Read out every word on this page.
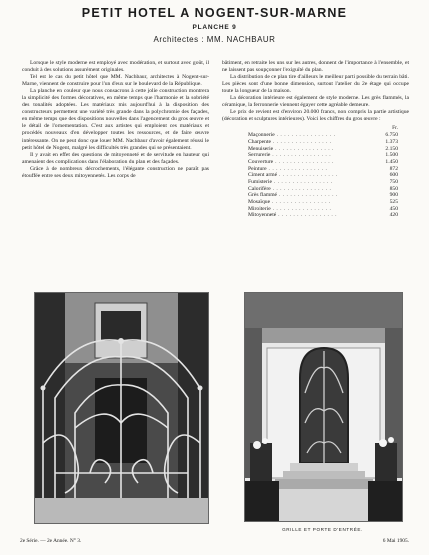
PETIT HOTEL A NOGENT-SUR-MARNE
PLANCHE 9
Architectes : MM. NACHBAUR

Lorsque le style moderne est employé avec modération, et surtout avec goût, il conduit à des solutions assurément originales.

Tel est le cas du petit hôtel que MM. Nachbaur, architectes à Nogent-sur-Marne, viennent de construire pour l'un d'eux sur le boulevard de la République.

La planche en couleur que nous consacrons à cette jolie construction montrera la simplicité des formes décoratives, en même temps que l'harmonie et la sobriété des tonalités adoptées. Les matériaux mis aujourd'hui à la disposition des constructeurs permettent une variété très grande dans la polychromie des façades, en même temps que des dispositions nouvelles dans l'agencement du gros œuvre et le détail de l'ornementation. C'est aux artistes qui emploient ces matériaux et procédés nouveaux d'en développer toutes les ressources, et de faire œuvre intéressante. On ne peut donc que louer MM. Nachbaur d'avoir également réussi le petit hôtel de Nogent, malgré les difficultés très grandes qui se présentaient.

Il y avait en effet des questions de mitoyenneté et de servitude en hauteur qui amenaient des complications dans l'élaboration du plan et des façades.

Grâce à de nombreux décrochements, l'élégante construction ne paraît pas étouffée entre ses deux mitoyennetés. Les corps de

bâtiment, en retraite les uns sur les autres, donnent de l'importance à l'ensemble, et ne laissent pas soupçonner l'exiguïté du plan.

La distribution de ce plan tire d'ailleurs le meilleur parti possible du terrain bâti. Les pièces sont d'une bonne dimension, surtout l'atelier du 2e étage qui occupe toute la longueur de la maison.

La décoration intérieure est également de style moderne. Les grès flammés, la céramique, la ferronnerie viennent égayer cette agréable demeure.

Le prix de revient est d'environ 20.000 francs, non compris la partie artistique (décoration et sculptures intérieures). Voici les chiffres du gros œuvre :

Fr.
Maçonnerie . . .	6.750
Charpente . . .	1.373
Menuiserie . . .	2.150
Serrurerie . . .	1.500
Couverture . . .	1.450
Peinture . . .	872
Ciment armé . . .	600
Fumisterie . . .	750
Calorifère . . .	850
Grès flammé . . .	900
Mosaïque . . .	525
Miroiterie . . .	450
Mitoyenneté . . .	420
GRILLE ET PORTE D'ENTRÉE.
2e Série. — 2e Année. N° 3.	6 Mai 1905.
